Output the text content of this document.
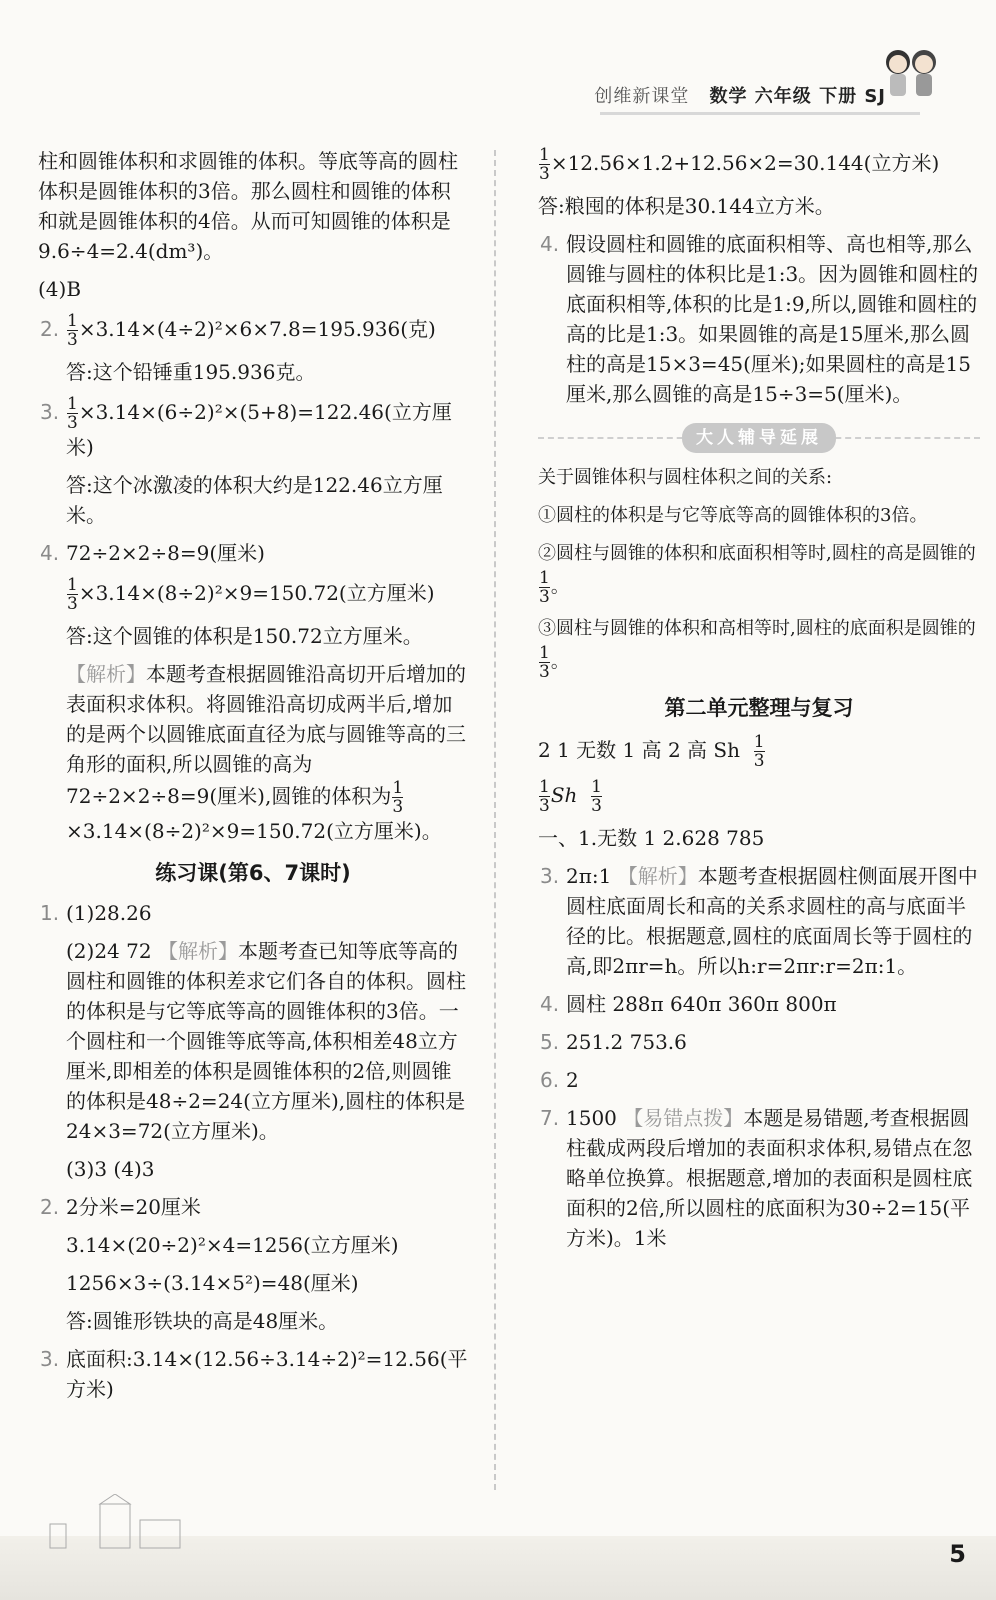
创维新课堂 数学 六年级 下册 SJ

柱和圆锥体积和求圆锥的体积。等底等高的圆柱体积是圆锥体积的3倍。那么圆柱和圆锥的体积和就是圆锥体积的4倍。从而可知圆锥的体积是9.6÷4=2.4(dm³)。

(4)B

2. $\frac{1}{3} \times 3.14\times(4\div 2)^2\times 6\times 7.8=195.936$(克)

答:这个铅锤重195.936克。

3. $\frac{1}{3} \times 3.14\times(6\div 2)^2\times(5+8)=122.46$(立方厘米)

答:这个冰激凌的体积大约是122.46立方厘米。

4. 72÷2×2÷8=9(厘米)

$\frac{1}{3} \times 3.14\times(8\div 2)^2\times 9=150.72$(立方厘米)

答:这个圆锥的体积是150.72立方厘米。

【解析】本题考查根据圆锥沿高切开后增加的表面积求体积。将圆锥沿高切成两半后,增加的是两个以圆锥底面直径为底与圆锥等高的三角形的面积,所以圆锥的高为72÷2×2÷8=9(厘米),圆锥的体积为 $\frac{1}{3}$
×3.14×(8÷2)²×9=150.72(立方厘米)。

练习课(第6、7课时)

1. (1)28.26

(2)24 72 【解析】本题考查已知等底等高的圆柱和圆锥的体积差求它们各自的体积。圆柱的体积是与它等底等高的圆锥体积的3倍。一个圆柱和一个圆锥等底等高,体积相差48立方厘米,即相差的体积是圆锥体积的2倍,则圆锥的体积是48÷2=24(立方厘米),圆柱的体积是24×3=72(立方厘米)。

(3)3 (4)3

2. 2分米=20厘米

3.14×(20÷2)²×4=1256(立方厘米)

1256×3÷(3.14×5²)=48(厘米)

答:圆锥形铁块的高是48厘米。

3. 底面积:3.14×(12.56÷3.14÷2)²=12.56(平方米)

$\frac{1}{3} \times 12.56\times 1.2+12.56\times 2=30.144$(立方米)

答:粮囤的体积是30.144立方米。

4. 假设圆柱和圆锥的底面积相等、高也相等,那么圆锥与圆柱的体积比是1:3。因为圆锥和圆柱的底面积相等,体积的比是1:9,所以,圆锥和圆柱的高的比是1:3。如果圆锥的高是15厘米,那么圆柱的高是15×3=45(厘米);如果圆柱的高是15厘米,那么圆锥的高是15÷3=5(厘米)。

大人辅导延展

关于圆锥体积与圆柱体积之间的关系:

①圆柱的体积是与它等底等高的圆锥体积的3倍。

②圆柱与圆锥的体积和底面积相等时,圆柱的高是圆锥的
$\frac{1}{3}$ 。

③圆柱与圆锥的体积和高相等时,圆柱的底面积是圆锥的
$\frac{1}{3}$ 。

第二单元整理与复习

2 1 无数 1 高 2 高 Sh $\frac{1}{3}$

$\frac{1}{3}$ Sh $\frac{1}{3}$

一、1.无数 1 2.628 785

3. 2π:1 【解析】本题考查根据圆柱侧面展开图中圆柱底面周长和高的关系求圆柱的高与底面半径的比。根据题意,圆柱的底面周长等于圆柱的高,即2πr=h。所以h:r=2πr:r=2π:1。

4. 圆柱 288π 640π 360π 800π

5. 251.2 753.6

6. 2

7. 1500 【易错点拨】本题是易错题,考查根据圆柱截成两段后增加的表面积求体积,易错点在忽略单位换算。根据题意,增加的表面积是圆柱底面积的2倍,所以圆柱的底面积为30÷2=15(平方米)。1米

5
